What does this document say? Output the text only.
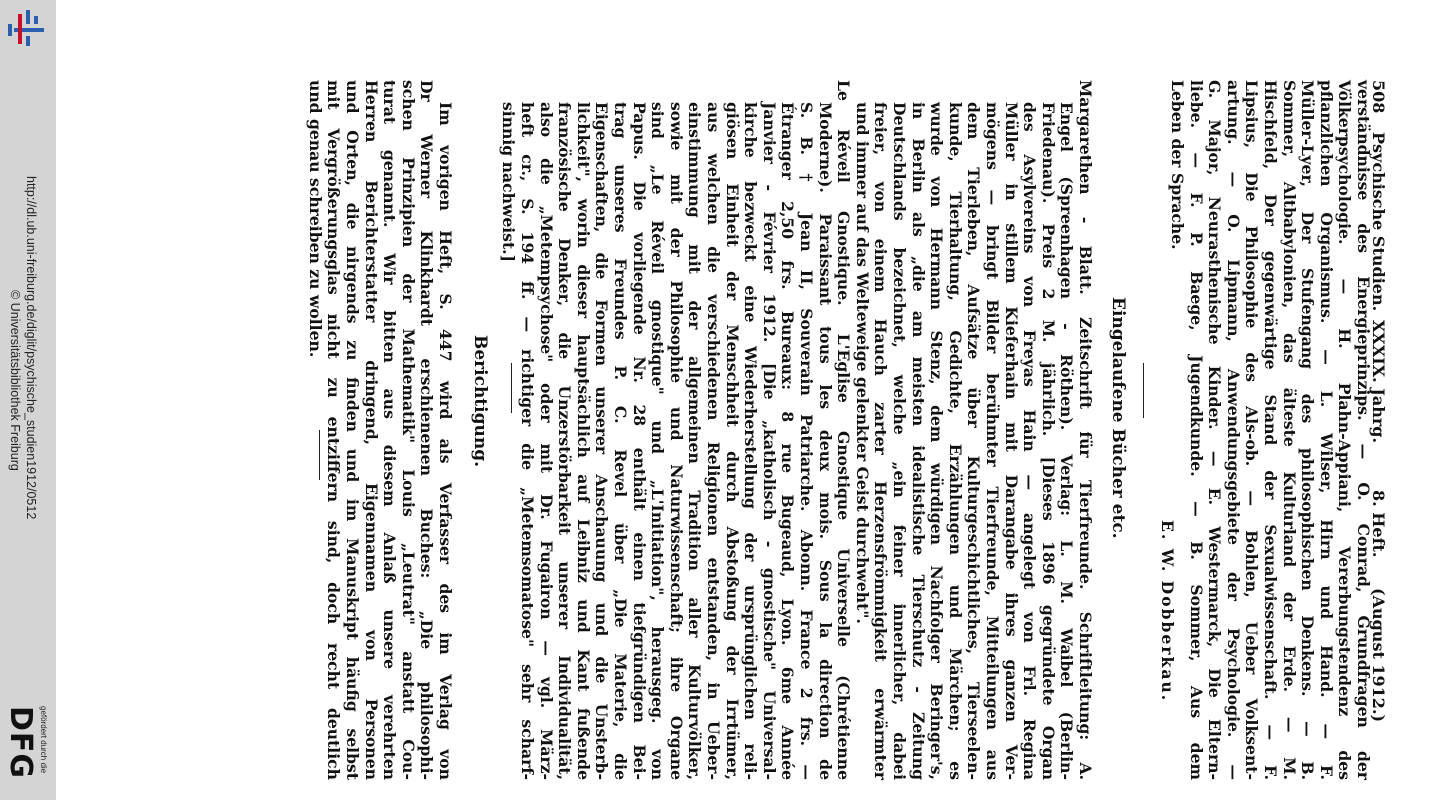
http://dl.ub.uni-freiburg.de/diglit/psychische_studien1912/0512
© Universitätsbibliothek Freiburg
gefördert durch die
DFG
508
Psychische Studien.
XXXIX. Jahrg.
8. Heft.
(August 1912.)
E. W. Dobberkau.
Eingelaufene Bücher etc.
Berichtigung.	verständnisse des Energieprinzips. — O. Conrad, Grundfragen der
Völkerpsychologie. — H. Plahn-Appiani, Vererbungstendenz des
pflanzlichen Organismus. — L. Wilser, Hirn und Hand. — F.
Müller-Lyer, Der Stufengang des philosophischen Denkens. — B.
Sommer, Altbabylonien, das älteste Kulturland der Erde. — M.
Hischfeld, Der gegenwärtige Stand der Sexualwissenschaft. — F.
Lipsius, Die Philosophie des Als-ob. — Bohlen, Ueber Volksent-
artung. — O. Lipmann, Anwendungsgebiete der Psychologie. —
G. Major, Neurasthenische Kinder. — E. Westermarck, Die Eltern-
liebe. — F. P. Baege, Jugendkunde. — B. Sommer, Aus dem
Leben der Sprache.
Margarethen - Blatt. Zeitschrift für Tierfreunde. Schriftleitung: A.
Engel (Spreenhagen - Röthen). Verlag: L. M. Waibel (Berlin-
Friedenau). Preis 2 M. jährlich. [Dieses 1896 gegründete Organ
des Asylvereins von Freyas Hain — angelegt von Frl. Regina
Müller in stillem Kieferhain mit Darangabe ihres ganzen Ver-
mögens — bringt Bilder berühmter Tierfreunde, Mitteilungen aus
dem Tierleben, Aufsätze über Kulturgeschichtliches, Tierseelen-
kunde, Tierhaltung, Gedichte, Erzählungen und Märchen; es
wurde von Hermann Stenz, dem würdigen Nachfolger Beringer's,
in Berlin als „die am meisten idealistische Tierschutz - Zeitung
Deutschlands bezeichnet, welche „ein feiner innerlicher, dabei
freier, von einem Hauch zarter Herzensfrömmigkeit erwärmter
und immer auf das Welteweige gelenkter Geist durchweht".
Le Réveil Gnostique. L'Eglise Gnostique Universelle (Chrétienne
Moderne). Paraissant tous les deux mois. Sous la direction de
S. B. † Jean II, Souverain Patriarche. Abonn. France 2 frs. —
Étranger 2,50 frs. Bureaux: 8 rue Bugeaud, Lyon. 6me Année
Janvier - Février 1912. [Die „katholisch - gnostische" Universal-
kirche bezweckt eine Wiederherstellung der ursprünglichen reli-
giösen Einheit der Menschheit durch Abstoßung der Irrtümer,
aus welchen die verschiedenen Religionen entstanden, in Ueber-
einstimmung mit der allgemeinen Tradition aller Kulturvölker,
sowie mit der Philosophie und Naturwissenschaft; ihre Organe
sind „Le Réveil gnostique" und „L'Initiation", herausgeg. von
Papus. Die vorliegende Nr. 28 enthält einen tiefgründigen Bei-
trag unseres Freundes P. C. Revel über „Die Materie, die
Eigenschaften, die Formen unserer Anschauung und die Unsterb-
lichkeit", worin dieser hauptsächlich auf Leibniz und Kant fußende
französische Denker, die Unzerstörbarkeit unserer Individualität,
also die „Metempsychose" oder mit Dr. Fugairon — vgl. März-
heft cr., S. 194 ff. — richtiger die „Metemsomatose" sehr scharf-
sinnig nachweist.]
Im vorigen Heft, S. 447 wird als Verfasser des im Verlag von
Dr Werner Klinkhardt erschienenen Buches: „Die philosophi-
schen Prinzipien der Mathematik" Louis „Leutrat" anstatt Cou-
turat genannt. Wir bitten aus diesem Anlaß unsere verehrten
Herren Berichterstatter dringend, Eigennamen von Personen
und Orten, die nirgends zu finden und im Manuskript häufig selbst
mit Vergrößerungsglas nicht zu entziffern sind, doch recht deutlich
und genau schreiben zu wollen.
